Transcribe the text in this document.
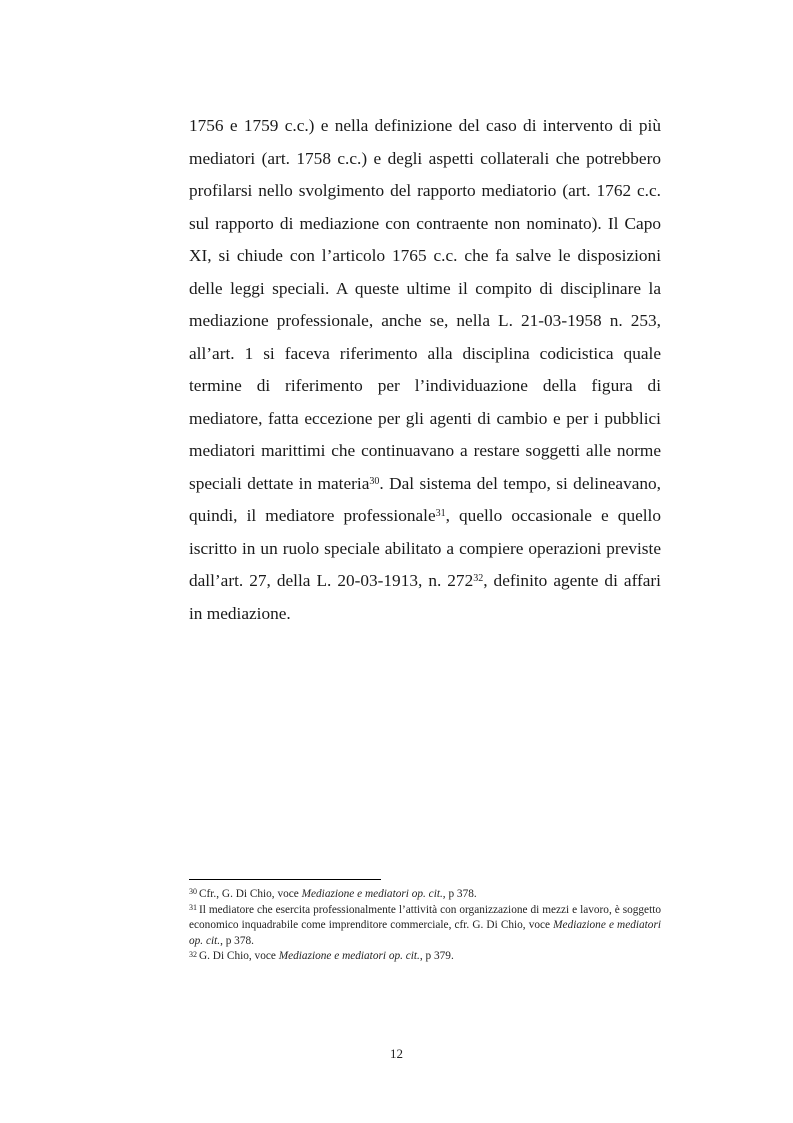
1756 e 1759 c.c.) e nella definizione del caso di intervento di più mediatori (art. 1758 c.c.) e degli aspetti collaterali che potrebbero profilarsi nello svolgimento del rapporto mediatorio (art. 1762 c.c. sul rapporto di mediazione con contraente non nominato). Il Capo XI, si chiude con l’articolo 1765 c.c. che fa salve le disposizioni delle leggi speciali. A queste ultime il compito di disciplinare la mediazione professionale, anche se, nella L. 21-03-1958 n. 253, all’art. 1 si faceva riferimento alla disciplina codicistica quale termine di riferimento per l’individuazione della figura di mediatore, fatta eccezione per gli agenti di cambio e per i pubblici mediatori marittimi che continuavano a restare soggetti alle norme speciali dettate in materia$^{30}$. Dal sistema del tempo, si delineavano, quindi, il mediatore professionale$^{31}$, quello occasionale e quello iscritto in un ruolo speciale abilitato a compiere operazioni previste dall’art. 27, della L. 20-03-1913, n. $272^{32}$, definito agente di affari in mediazione.

$^{30}$ Cfr., G. Di Chio, voce Mediazione e mediatori op. cit., p 378.

$^{31}$ Il mediatore che esercita professionalmente l’attività con organizzazione di mezzi e lavoro, è soggetto economico inquadrabile come imprenditore commerciale, cfr. G. Di Chio, voce Mediazione e mediatori op. cit., p 378.

$^{32}$ G. Di Chio, voce Mediazione e mediatori op. cit., p 379.

12
